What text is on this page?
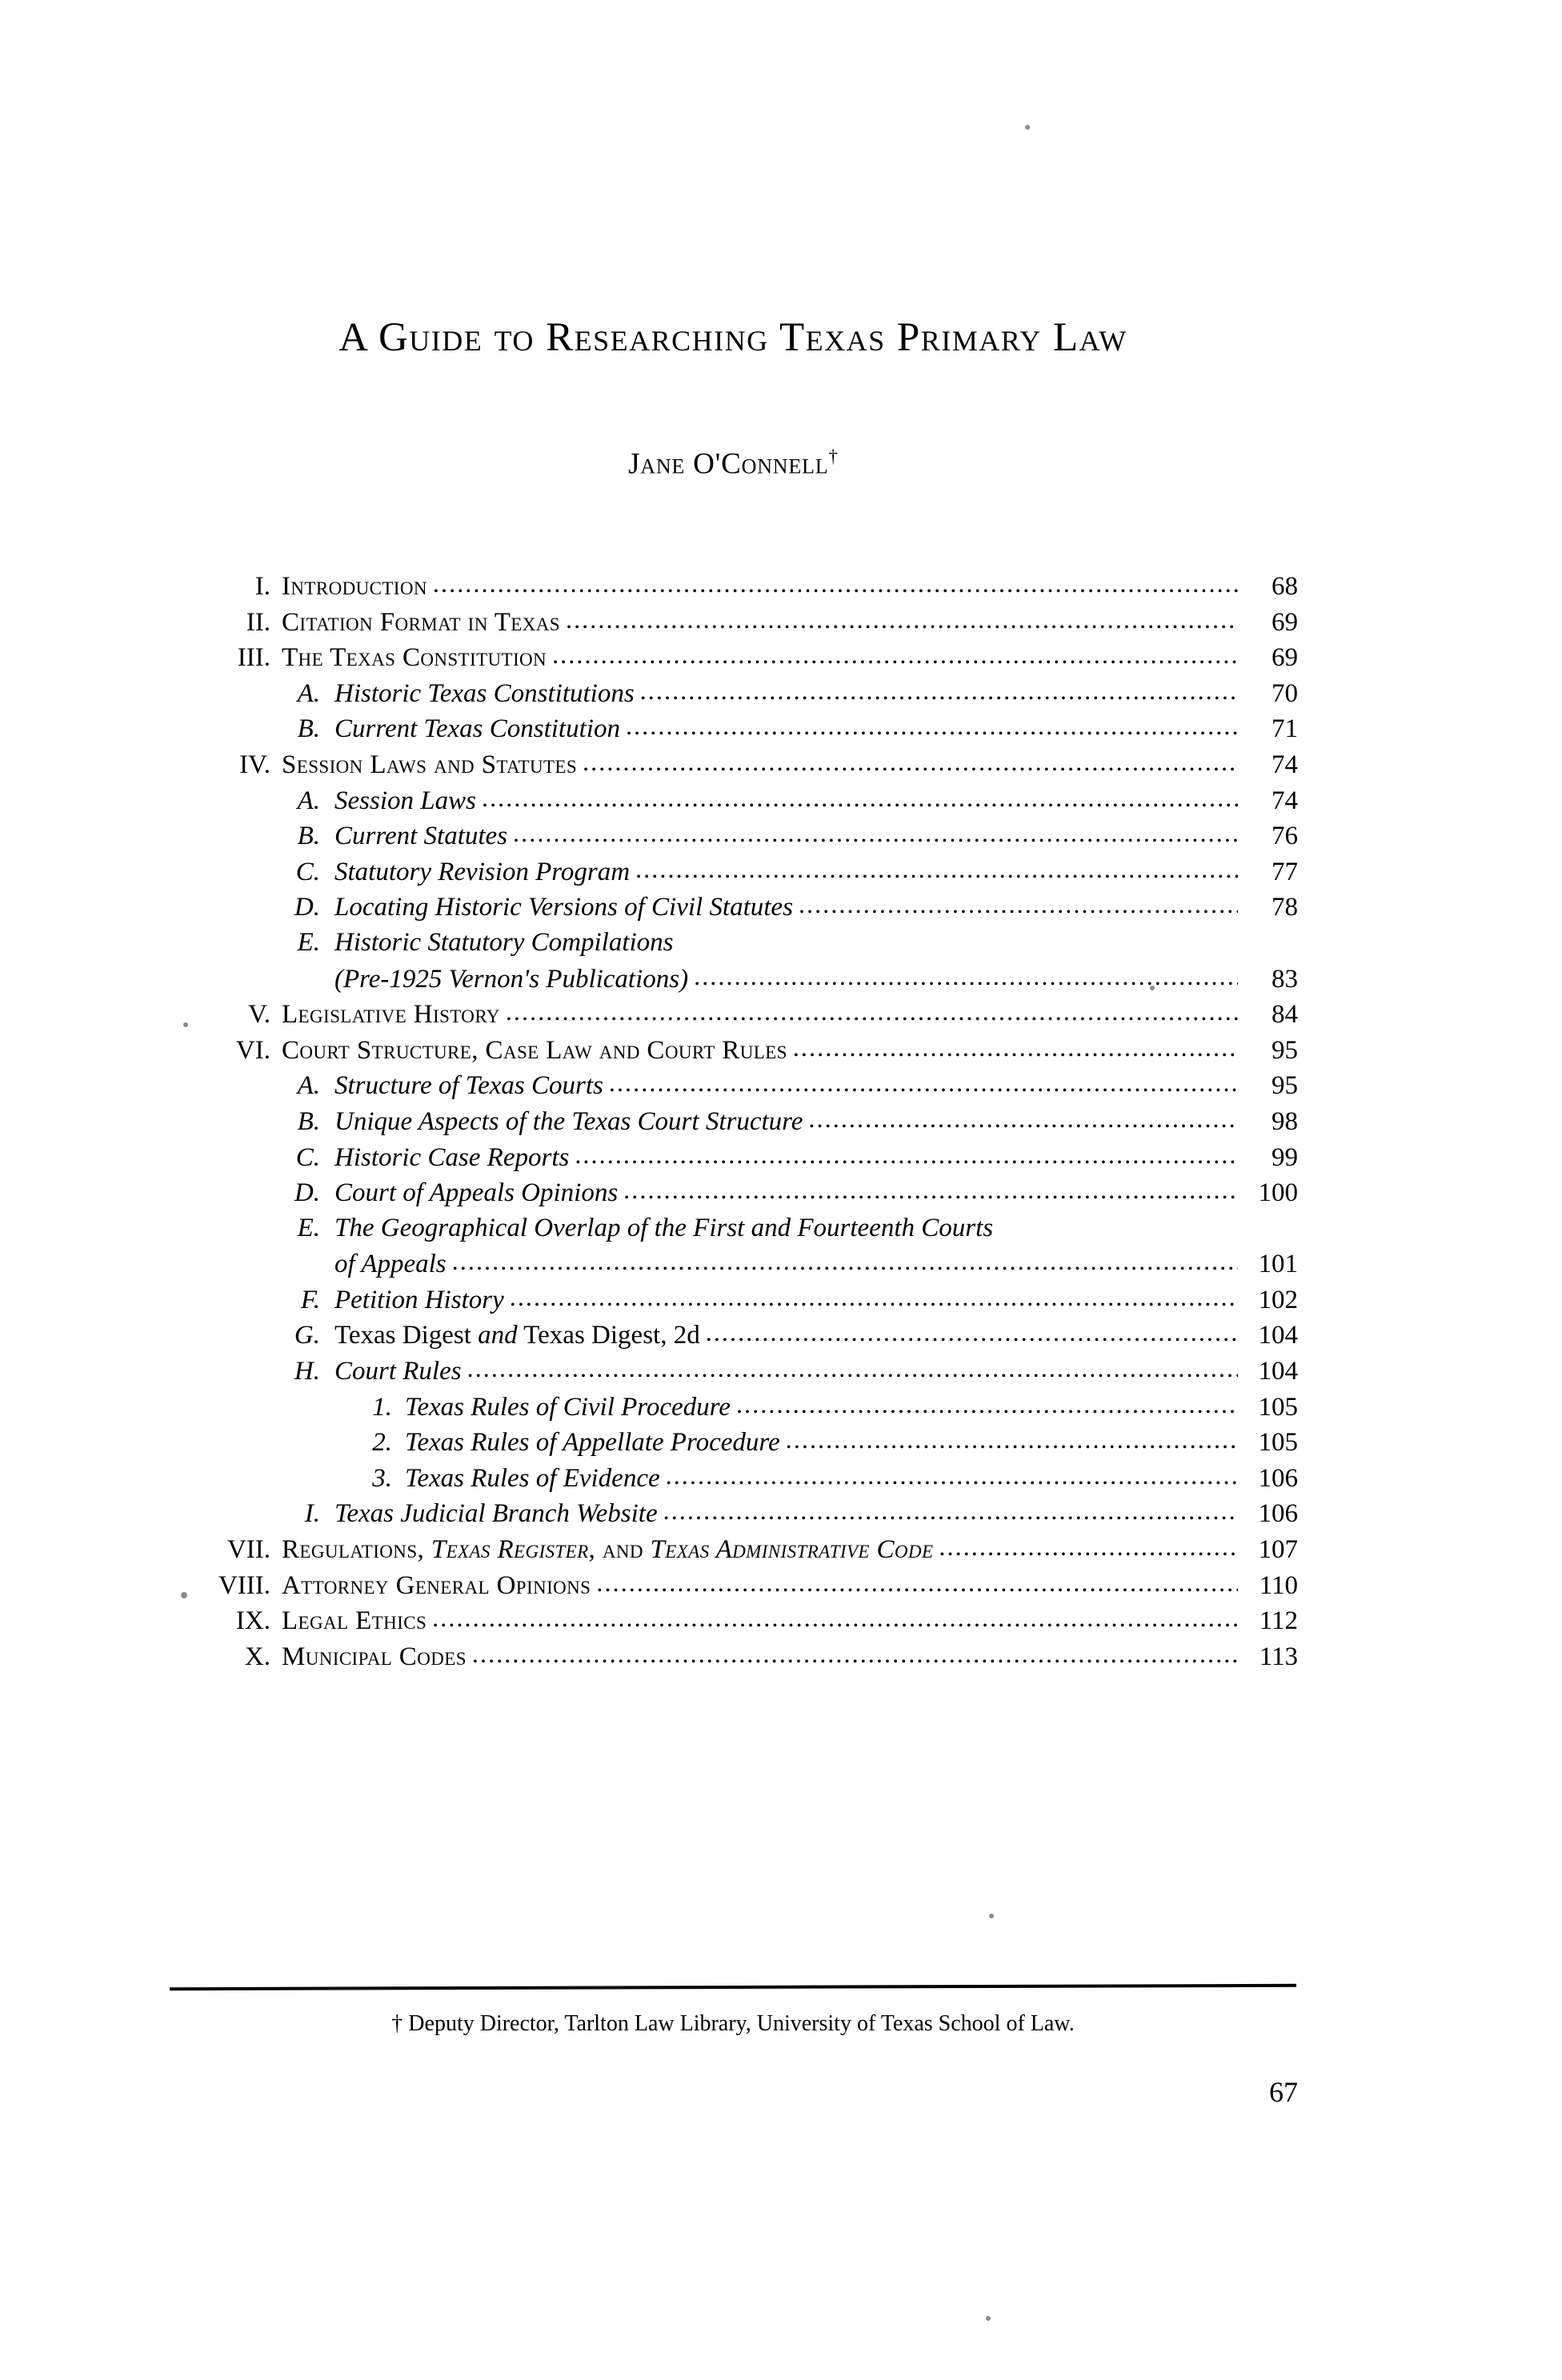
A Guide to Researching Texas Primary Law
Jane O'Connell†
I. Introduction .....	68
II. Citation Format in Texas .....	69
III. The Texas Constitution .....	69
A. Historic Texas Constitutions .....	70
B. Current Texas Constitution .....	71
IV. Session Laws and Statutes .....	74
A. Session Laws .....	74
B. Current Statutes .....	76
C. Statutory Revision Program .....	77
D. Locating Historic Versions of Civil Statutes .....	78
E. Historic Statutory Compilations
(Pre-1925 Vernon's Publications) .....	83
V. Legislative History .....	84
VI. Court Structure, Case Law and Court Rules .....	95
A. Structure of Texas Courts .....	95
B. Unique Aspects of the Texas Court Structure .....	98
C. Historic Case Reports .....	99
D. Court of Appeals Opinions .....	100
E. The Geographical Overlap of the First and Fourteenth Courts
of Appeals .....	101
F. Petition History .....	102
G. Texas Digest and Texas Digest, 2d .....	104
H. Court Rules .....	104
1. Texas Rules of Civil Procedure .....	105
2. Texas Rules of Appellate Procedure .....	105
3. Texas Rules of Evidence .....	106
I. Texas Judicial Branch Website .....	106
VII. Regulations, Texas Register, and Texas Administrative Code .....	107
VIII. Attorney General Opinions .....	110
IX. Legal Ethics .....	112
X. Municipal Codes .....	113
† Deputy Director, Tarlton Law Library, University of Texas School of Law.
67
